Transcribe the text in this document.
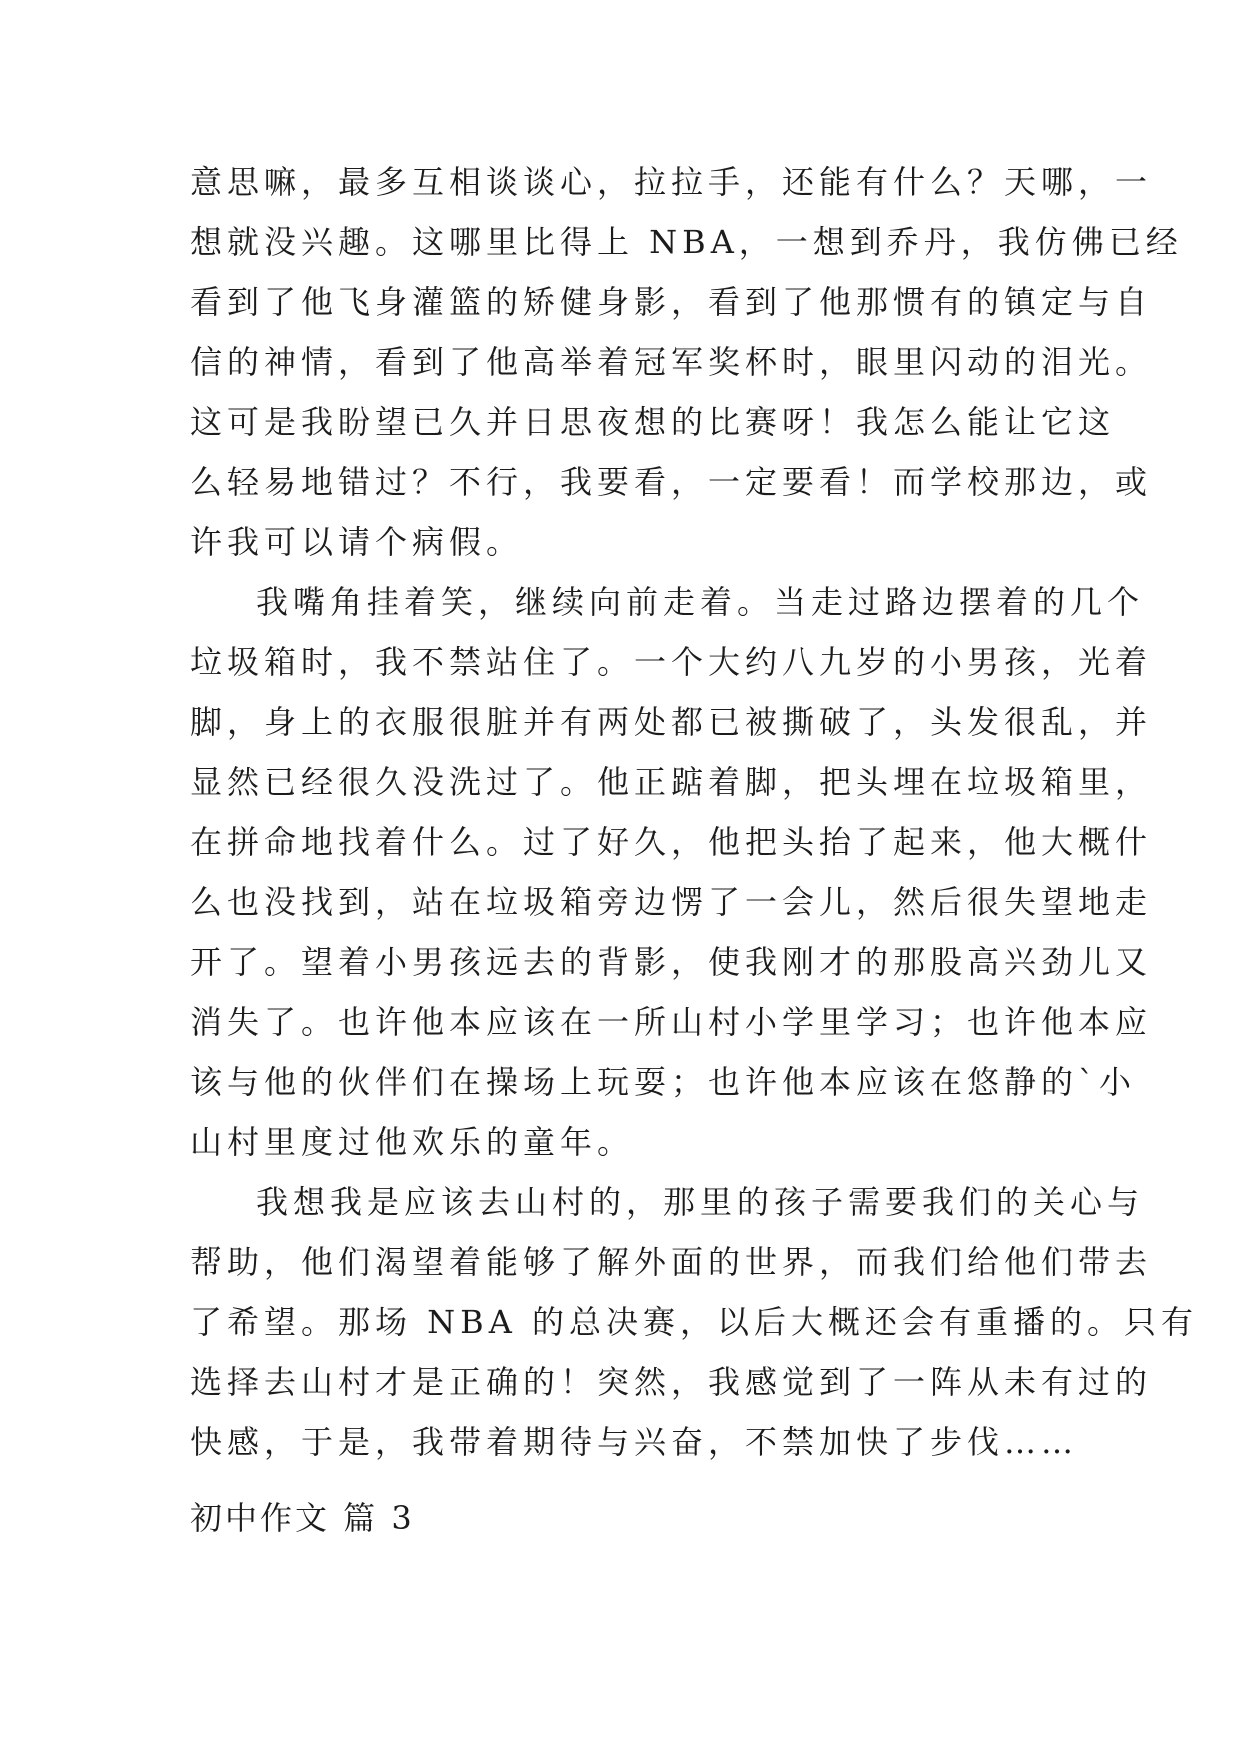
意思嘛，最多互相谈谈心，拉拉手，还能有什么？天哪，一
想就没兴趣。这哪里比得上 NBA，一想到乔丹，我仿佛已经
看到了他飞身灌篮的矫健身影，看到了他那惯有的镇定与自
信的神情，看到了他高举着冠军奖杯时，眼里闪动的泪光。
这可是我盼望已久并日思夜想的比赛呀！我怎么能让它这
么轻易地错过？不行，我要看，一定要看！而学校那边，或
许我可以请个病假。
我嘴角挂着笑，继续向前走着。当走过路边摆着的几个
垃圾箱时，我不禁站住了。一个大约八九岁的小男孩，光着
脚，身上的衣服很脏并有两处都已被撕破了，头发很乱，并
显然已经很久没洗过了。他正踮着脚，把头埋在垃圾箱里，
在拼命地找着什么。过了好久，他把头抬了起来，他大概什
么也没找到，站在垃圾箱旁边愣了一会儿，然后很失望地走
开了。望着小男孩远去的背影，使我刚才的那股高兴劲儿又
消失了。也许他本应该在一所山村小学里学习；也许他本应
该与他的伙伴们在操场上玩耍；也许他本应该在悠静的`小
山村里度过他欢乐的童年。
我想我是应该去山村的，那里的孩子需要我们的关心与
帮助，他们渴望着能够了解外面的世界，而我们给他们带去
了希望。那场 NBA 的总决赛，以后大概还会有重播的。只有
选择去山村才是正确的！突然，我感觉到了一阵从未有过的
快感，于是，我带着期待与兴奋，不禁加快了步伐……
初中作文 篇 3
